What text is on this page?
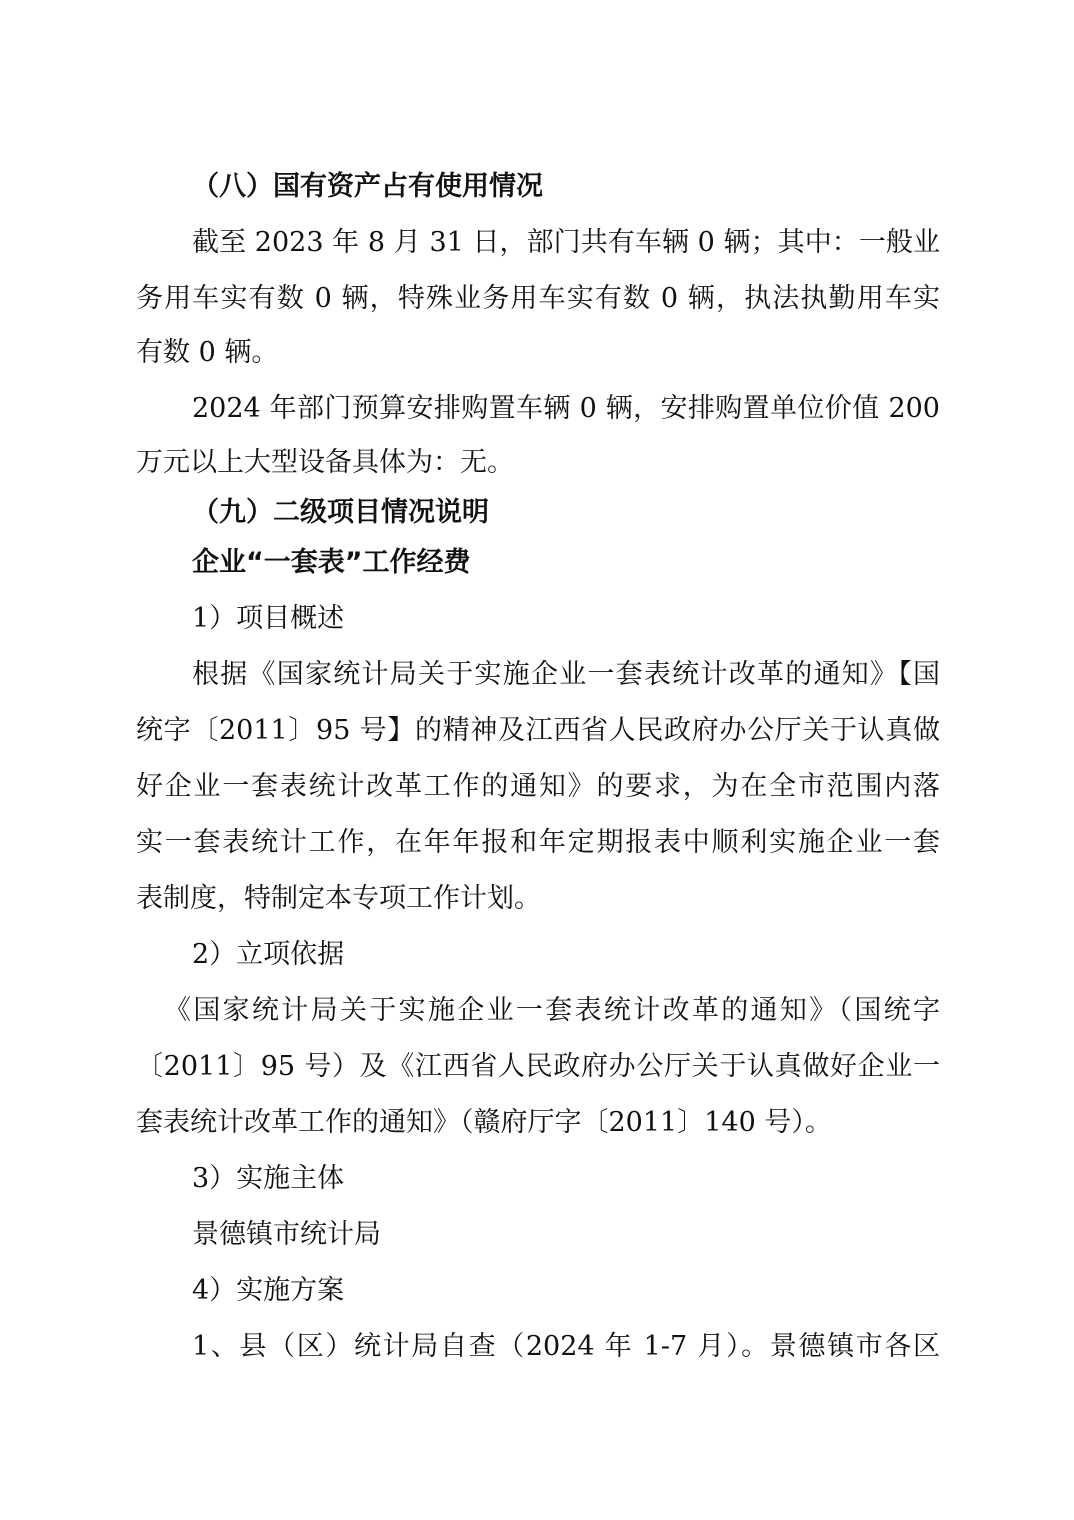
（八）国有资产占有使用情况
截至 2023 年 8 月 31 日，部门共有车辆 0 辆；其中：一般业
务用车实有数 0 辆，特殊业务用车实有数 0 辆，执法执勤用车实
有数 0 辆。
2024 年部门预算安排购置车辆 0 辆，安排购置单位价值 200
万元以上大型设备具体为：无。
（九）二级项目情况说明
企业“一套表”工作经费
1）项目概述
根据《国家统计局关于实施企业一套表统计改革的通知》【国
统字〔2011〕95 号】的精神及江西省人民政府办公厅关于认真做
好企业一套表统计改革工作的通知》的要求，为在全市范围内落
实一套表统计工作，在年年报和年定期报表中顺利实施企业一套
表制度，特制定本专项工作计划。
2）立项依据
《国家统计局关于实施企业一套表统计改革的通知》（国统字
〔2011〕95 号）及《江西省人民政府办公厅关于认真做好企业一
套表统计改革工作的通知》（赣府厅字〔2011〕140 号）。
3）实施主体
景德镇市统计局
4）实施方案
1、县（区）统计局自查（2024 年 1-7 月）。景德镇市各区
